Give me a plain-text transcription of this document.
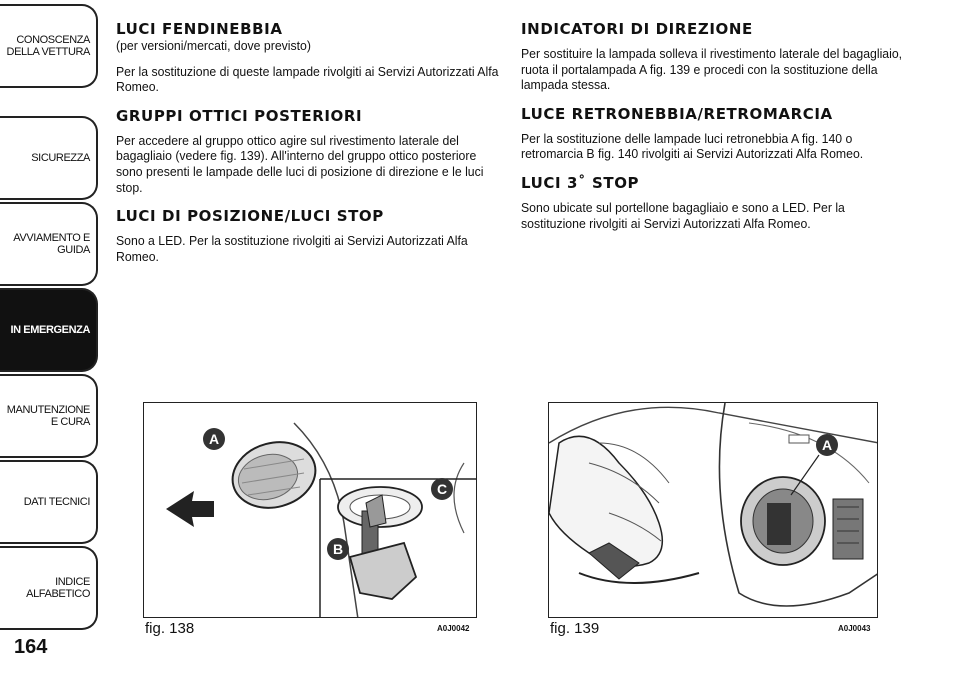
CONOSCENZA DELLA VETTURA
SICUREZZA
AVVIAMENTO E GUIDA
IN EMERGENZA
MANUTENZIONE E CURA
DATI TECNICI
INDICE ALFABETICO
164
LUCI FENDINEBBIA

(per versioni/mercati, dove previsto)

Per la sostituzione di queste lampade rivolgiti ai Servizi Autorizzati Alfa Romeo.

GRUPPI OTTICI POSTERIORI

Per accedere al gruppo ottico agire sul rivestimento laterale del bagagliaio (vedere fig. 139). All'interno del gruppo ottico posteriore sono presenti le lampade delle luci di posizione di direzione e le luci stop.

LUCI DI POSIZIONE/LUCI STOP

Sono a LED. Per la sostituzione rivolgiti ai Servizi Autorizzati Alfa Romeo.

INDICATORI DI DIREZIONE

Per sostituire la lampada solleva il rivestimento laterale del bagagliaio, ruota il portalampada A fig. 139 e procedi con la sostituzione della lampada stessa.

LUCE RETRONEBBIA/RETROMARCIA

Per la sostituzione delle lampade luci retronebbia A fig. 140 o retromarcia B fig. 140 rivolgiti ai Servizi Autorizzati Alfa Romeo.

LUCI 3˚ STOP

Sono ubicate sul portellone bagagliaio e sono a LED. Per la sostituzione rivolgiti ai Servizi Autorizzati Alfa Romeo.

A
B
C
fig. 138	A0J0042
A
fig. 139	A0J0043
